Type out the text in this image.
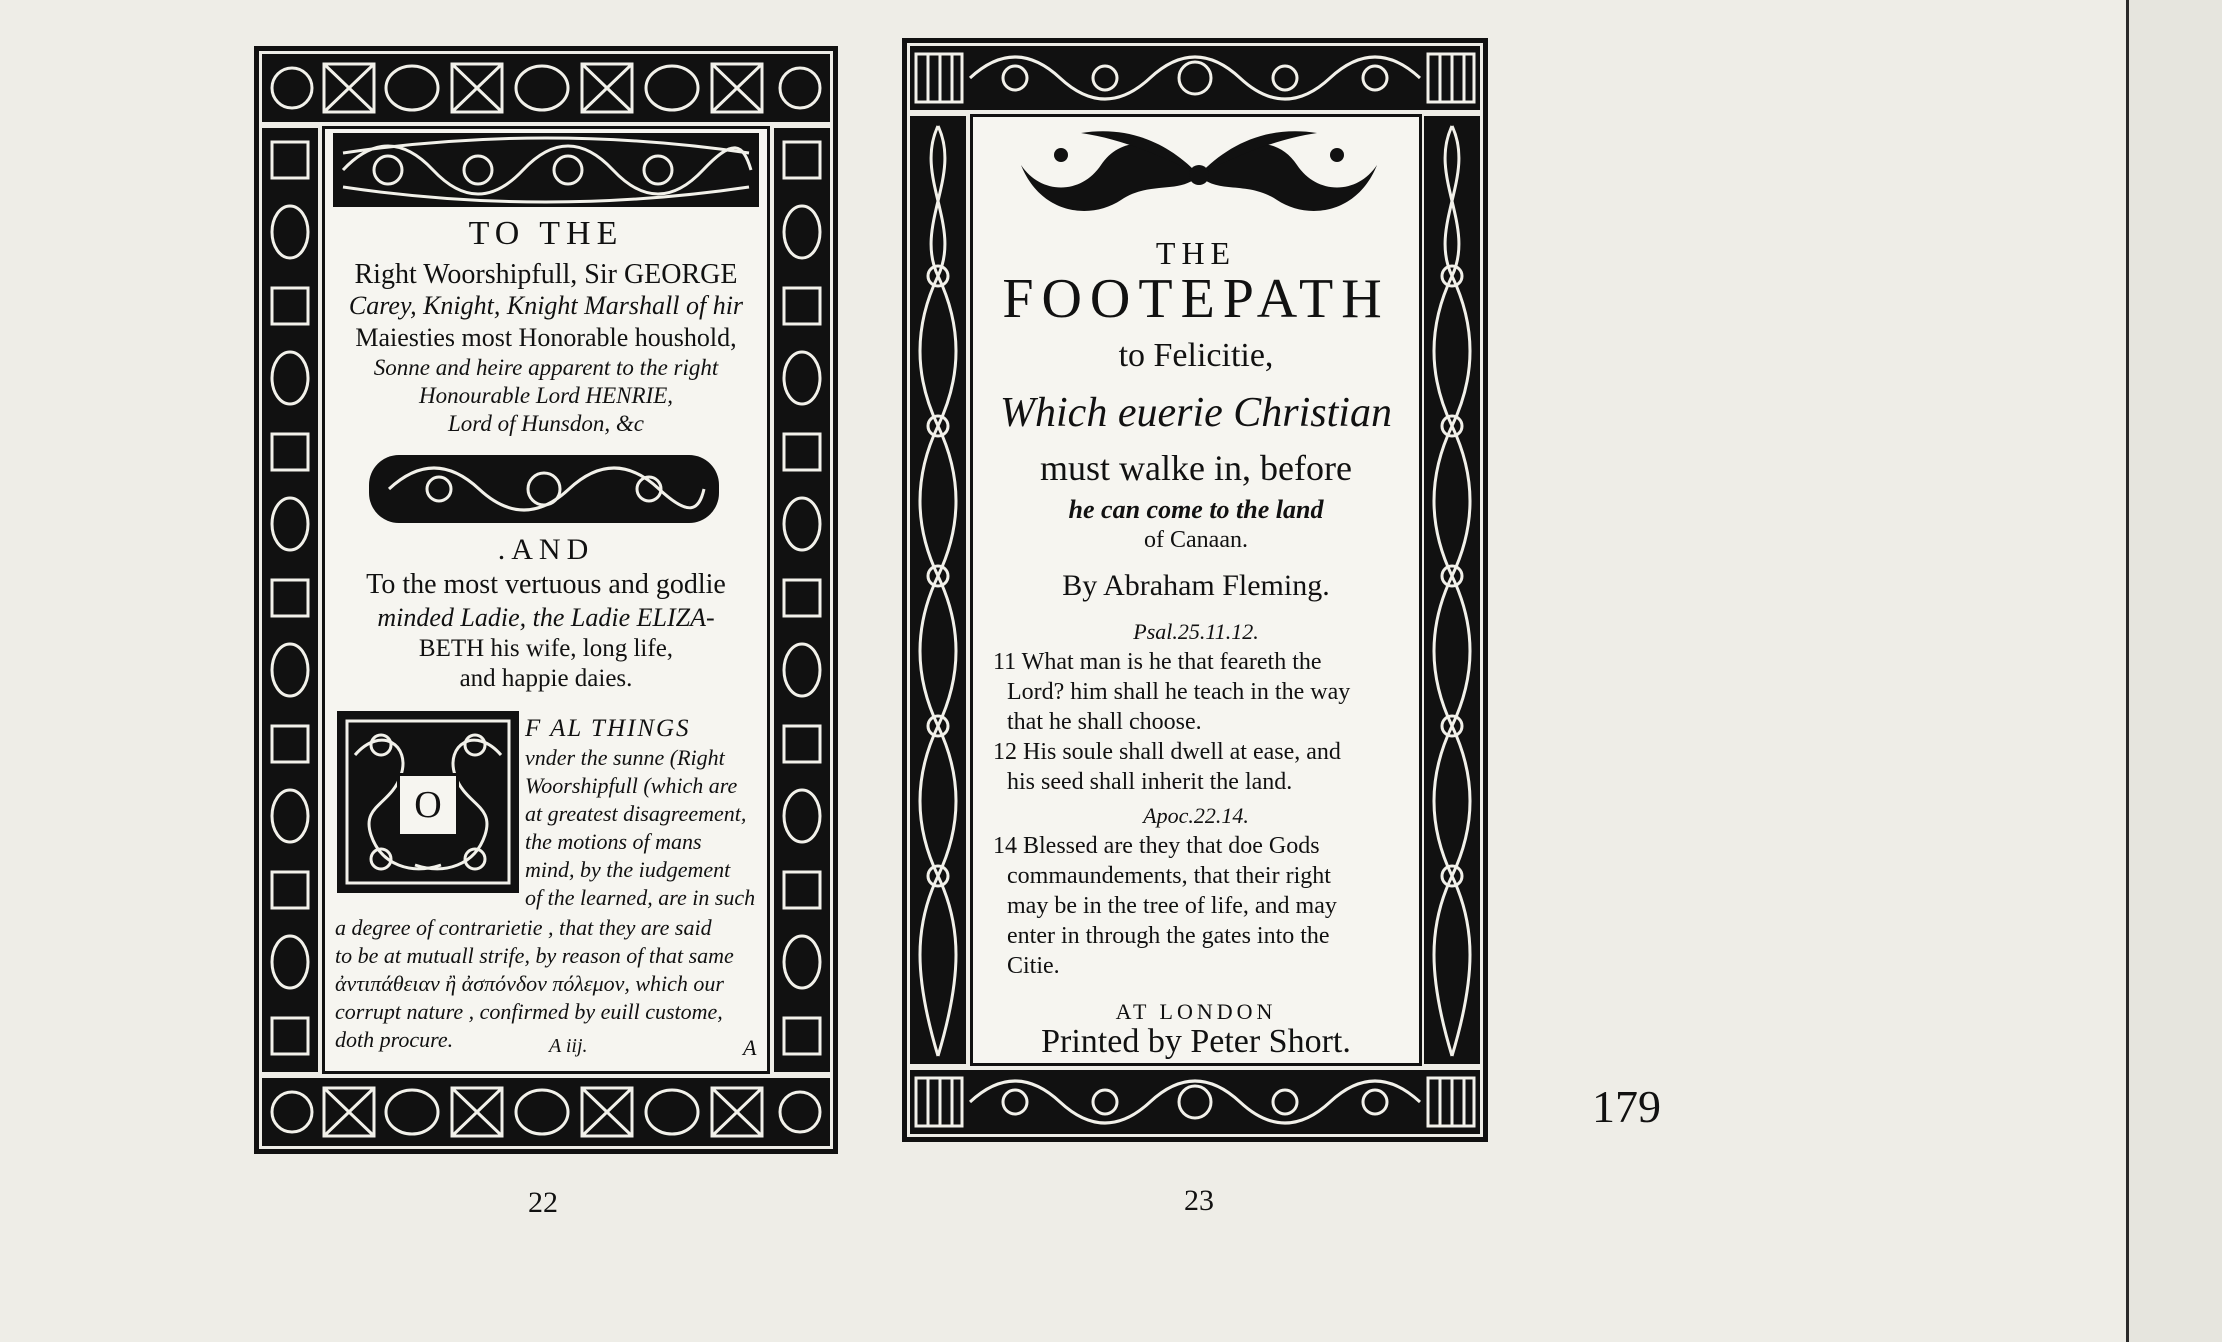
TO THE
Right Woorshipfull, Sir GEORGE
Carey, Knight, Knight Marshall of hir
Maiesties most Honorable houshold,
Sonne and heire apparent to the right
Honourable Lord HENRIE,
Lord of Hunsdon, &c
.AND
To the most vertuous and godlie
minded Ladie, the Ladie ELIZA-
BETH his wife, long life,
and happie daies.
O
F AL THINGS
vnder the sunne (Right
Woorshipfull (which are
at greatest disagreement,
the motions of mans
mind, by the iudgement
of the learned, are in such
a degree of contrarietie , that they are said
to be at mutuall strife, by reason of that same
ἀντιπάθειαν ἢ ἀσπόνδον πόλεμον, which our
corrupt nature , confirmed by euill custome,
doth procure.	A iij.	A
THE
FOOTEPATH
to Felicitie,
Which euerie Christian
must walke in, before
he can come to the land
of Canaan.
By Abraham Fleming.
Psal.25.11.12.
11 What man is he that feareth the
Lord? him shall he teach in the way
that he shall choose.
12 His soule shall dwell at ease, and
his seed shall inherit the land.
Apoc.22.14.
14 Blessed are they that doe Gods
commaundements, that their right
may be in the tree of life, and may
enter in through the gates into the
Citie.
AT LONDON
Printed by Peter Short.
22	23
179
